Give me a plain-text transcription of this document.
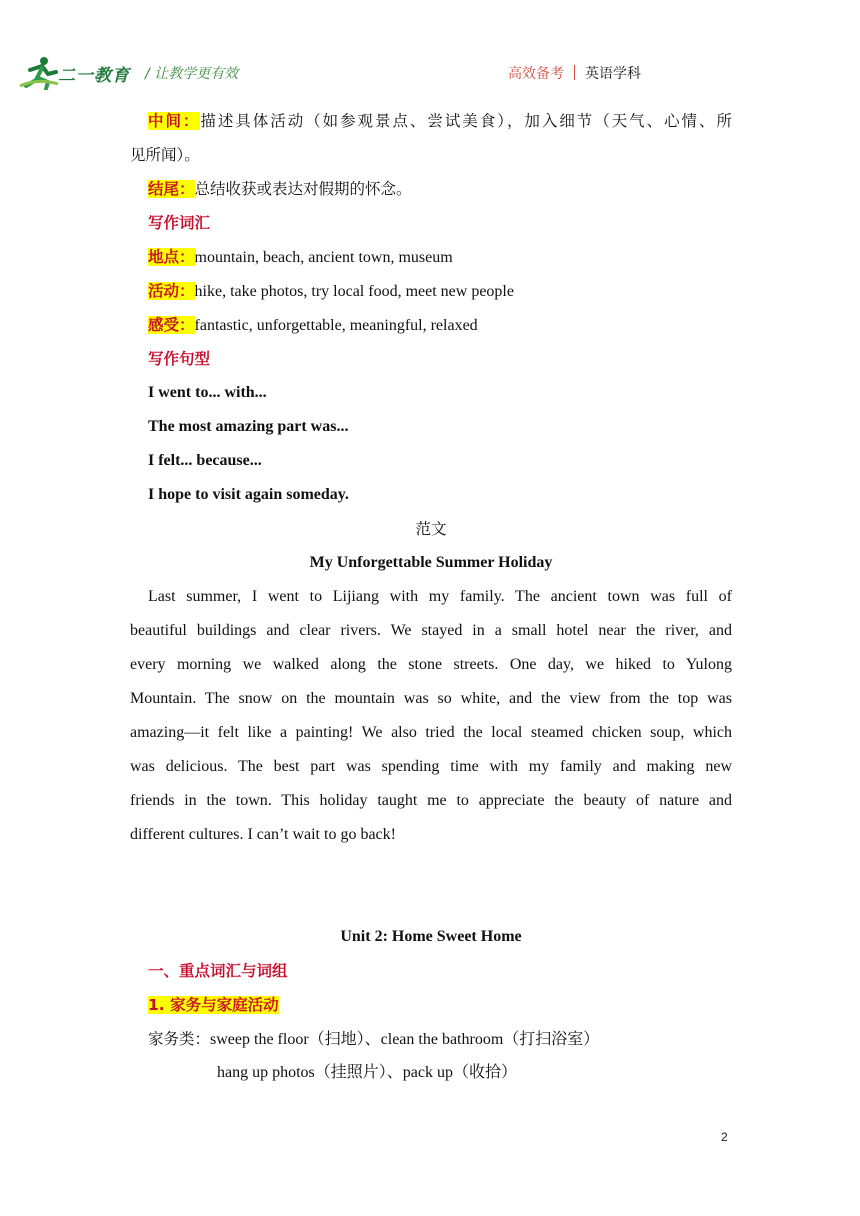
二一教育 / 让教学更有效	高效备考 英语学科
中间：描述具体活动（如参观景点、尝试美食），加入细节（天气、心情、所
见所闻）。
结尾：总结收获或表达对假期的怀念。
写作词汇
地点：mountain, beach, ancient town, museum
活动：hike, take photos, try local food, meet new people
感受：fantastic, unforgettable, meaningful, relaxed
写作句型
I went to... with...
The most amazing part was...
I felt... because...
I hope to visit again someday.
范文
My Unforgettable Summer Holiday
Last summer, I went to Lijiang with my family. The ancient town was full of
beautiful buildings and clear rivers. We stayed in a small hotel near the river, and
every morning we walked along the stone streets. One day, we hiked to Yulong
Mountain. The snow on the mountain was so white, and the view from the top was
amazing—it felt like a painting! We also tried the local steamed chicken soup, which
was delicious. The best part was spending time with my family and making new
friends in the town. This holiday taught me to appreciate the beauty of nature and
different cultures. I can’t wait to go back!
Unit 2: Home Sweet Home
一、重点词汇与词组
1. 家务与家庭活动
家务类：sweep the floor（扫地）、clean the bathroom（打扫浴室）
hang up photos（挂照片）、pack up（收拾）
2
